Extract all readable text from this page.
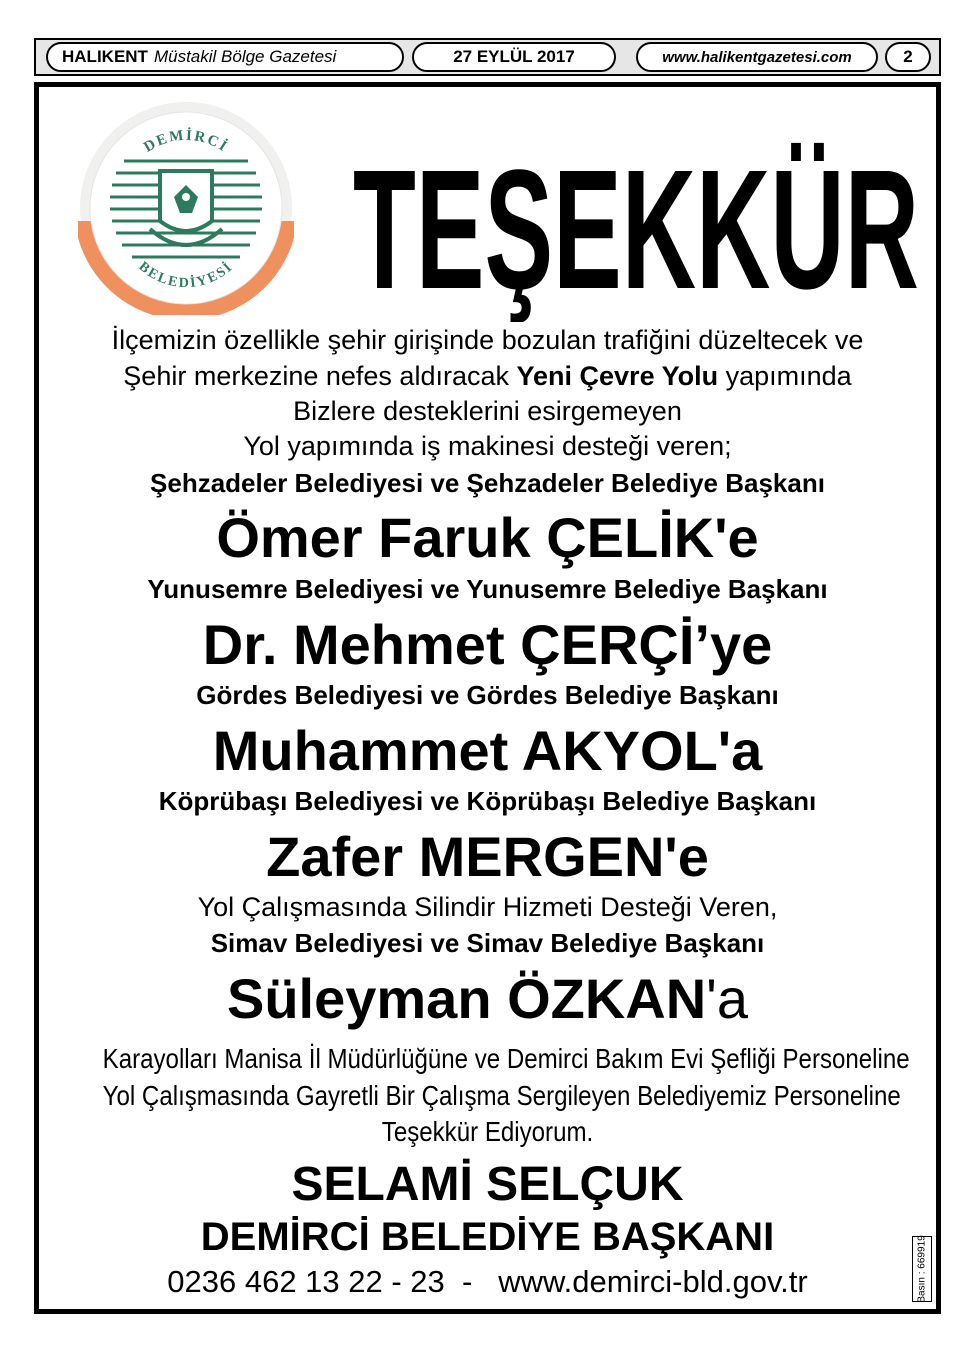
HALIKENT Müstakil Bölge Gazetesi	27 EYLÜL 2017	www.halikentgazetesi.com	2
DEMİRCİ
BELEDİYESİ TEŞEKKÜR
İlçemizin özellikle şehir girişinde bozulan trafiğini düzeltecek ve
Şehir merkezine nefes aldıracak Yeni Çevre Yolu yapımında
Bizlere desteklerini esirgemeyen
Yol yapımında iş makinesi desteği veren;
Şehzadeler Belediyesi ve Şehzadeler Belediye Başkanı
Ömer Faruk ÇELİK'e
Yunusemre Belediyesi ve Yunusemre Belediye Başkanı
Dr. Mehmet ÇERÇİ’ye
Gördes Belediyesi ve Gördes Belediye Başkanı
Muhammet AKYOL'a
Köprübaşı Belediyesi ve Köprübaşı Belediye Başkanı
Zafer MERGEN'e
Yol Çalışmasında Silindir Hizmeti Desteği Veren,
Simav Belediyesi ve Simav Belediye Başkanı
Süleyman ÖZKAN'a
Karayolları Manisa İl Müdürlüğüne ve Demirci Bakım Evi Şefliği Personeline
Yol Çalışmasında Gayretli Bir Çalışma Sergileyen Belediyemiz Personeline
Teşekkür Ediyorum.
SELAMİ SELÇUK
DEMİRCİ BELEDİYE BAŞKANI
0236 462 13 22 - 23 - www.demirci-bld.gov.tr	Basın : 669919
